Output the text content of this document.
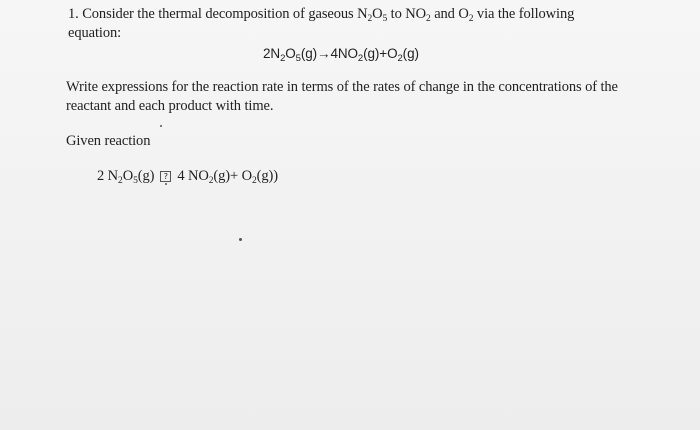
1. Consider the thermal decomposition of gaseous $N_2O_5$ to $NO_2$ and $O_2$ via the following
equation:
$2N_2O_5(g)\to 4NO_2(g)+O_2(g)$
Write expressions for the reaction rate in terms of the rates of change in the concentrations of the
reactant and each product with time.
Given reaction
2 $N_2O_5(g)$ ? 4 $NO_2(g)+ O_2(g)$)
